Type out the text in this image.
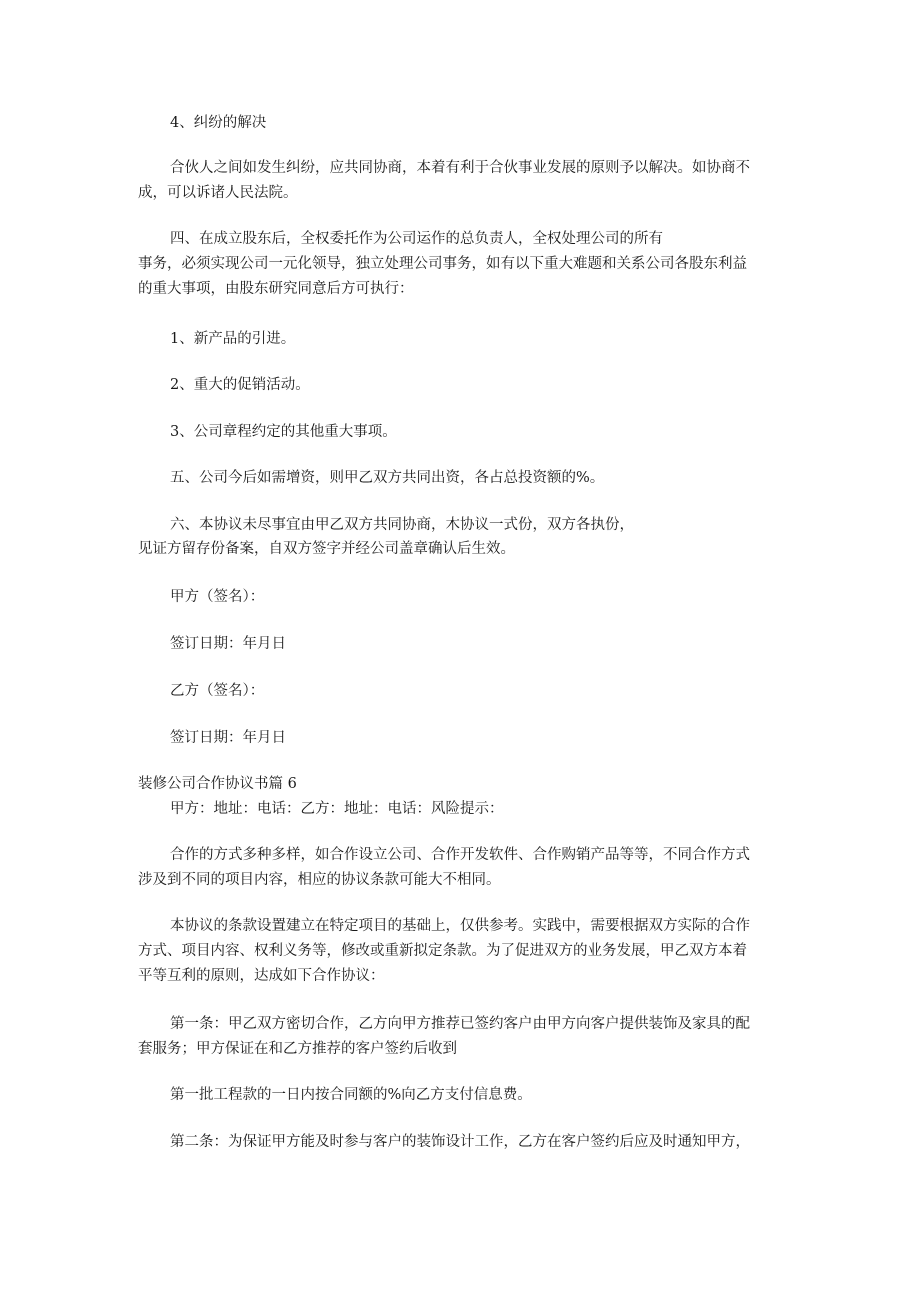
4、纠纷的解决
合伙人之间如发生纠纷，应共同协商，本着有利于合伙事业发展的原则予以解决。如协商不
成，可以诉诸人民法院。
四、在成立股东后，全权委托作为公司运作的总负责人，全权处理公司的所有
事务，必须实现公司一元化领导，独立处理公司事务，如有以下重大难题和关系公司各股东利益
的重大事项，由股东研究同意后方可执行：
1、新产品的引进。
2、重大的促销活动。
3、公司章程约定的其他重大事项。
五、公司今后如需增资，则甲乙双方共同出资，各占总投资额的%。
六、本协议未尽事宜由甲乙双方共同协商，木协议一式份，双方各执份，
见证方留存份备案，自双方签字并经公司盖章确认后生效。
甲方（签名）：
签订日期：年月日
乙方（签名）：
签订日期：年月日
装修公司合作协议书篇 6
甲方：地址：电话：乙方：地址：电话：风险提示：
合作的方式多种多样，如合作设立公司、合作开发软件、合作购销产品等等，不同合作方式
涉及到不同的项目内容，相应的协议条款可能大不相同。
本协议的条款设置建立在特定项目的基础上，仅供参考。实践中，需要根据双方实际的合作
方式、项目内容、权利义务等，修改或重新拟定条款。为了促进双方的业务发展，甲乙双方本着
平等互利的原则，达成如下合作协议：
第一条：甲乙双方密切合作，乙方向甲方推荐已签约客户由甲方向客户提供装饰及家具的配
套服务；甲方保证在和乙方推荐的客户签约后收到
第一批工程款的一日内按合同额的%向乙方支付信息费。
第二条：为保证甲方能及时参与客户的装饰设计工作，乙方在客户签约后应及时通知甲方，
